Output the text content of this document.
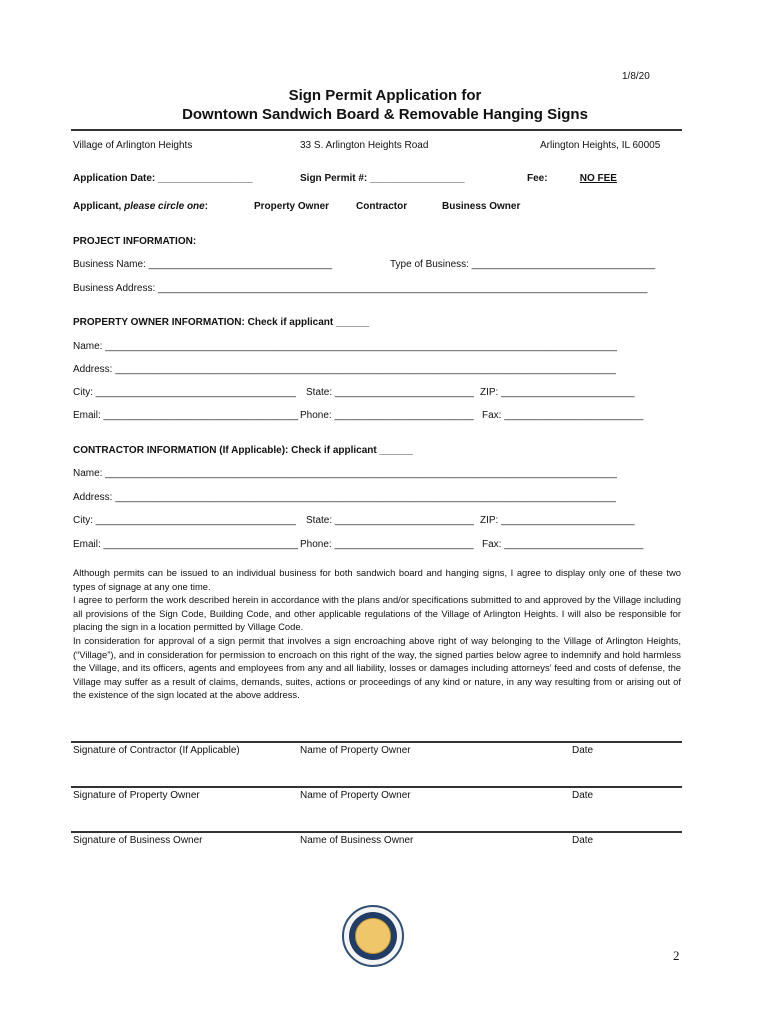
1/8/20
Sign Permit Application for
Downtown Sandwich Board & Removable Hanging Signs
Village of Arlington Heights	33 S. Arlington Heights Road	Arlington Heights, IL 60005
Application Date: _________________	Sign Permit #: _________________	Fee:	NO FEE
Applicant, please circle one:	Property Owner	Contractor	Business Owner
PROJECT INFORMATION:
Business Name: _________________________________	Type of Business: _________________________________
Business Address: ________________________________________________________________________________________
PROPERTY OWNER INFORMATION: Check if applicant ______
Name: ____________________________________________________________________________________________
Address: __________________________________________________________________________________________
City: ____________________________________ State: _________________________ ZIP: ________________________
Email: ___________________________________ Phone: _________________________ Fax: _________________________
CONTRACTOR INFORMATION (If Applicable): Check if applicant ______
Name: ____________________________________________________________________________________________
Address: __________________________________________________________________________________________
City: ____________________________________ State: _________________________ ZIP: ________________________
Email: ___________________________________ Phone: _________________________ Fax: _________________________

Although permits can be issued to an individual business for both sandwich board and hanging signs, I agree to display only one of these two types of signage at any one time.

I agree to perform the work described herein in accordance with the plans and/or specifications submitted to and approved by the Village including all provisions of the Sign Code, Building Code, and other applicable regulations of the Village of Arlington Heights. I will also be responsible for placing the sign in a location permitted by Village Code.

In consideration for approval of a sign permit that involves a sign encroaching above right of way belonging to the Village of Arlington Heights, (“Village”), and in consideration for permission to encroach on this right of the way, the signed parties below agree to indemnify and hold harmless the Village, and its officers, agents and employees from any and all liability, losses or damages including attorneys’ feed and costs of defense, the Village may suffer as a result of claims, demands, suites, actions or proceedings of any kind or nature, in any way resulting from or arising out of the existence of the sign located at the above address.

Signature of Contractor (If Applicable)	Name of Property Owner	Date
Signature of Property Owner	Name of Property Owner	Date
Signature of Business Owner	Name of Business Owner	Date
2
